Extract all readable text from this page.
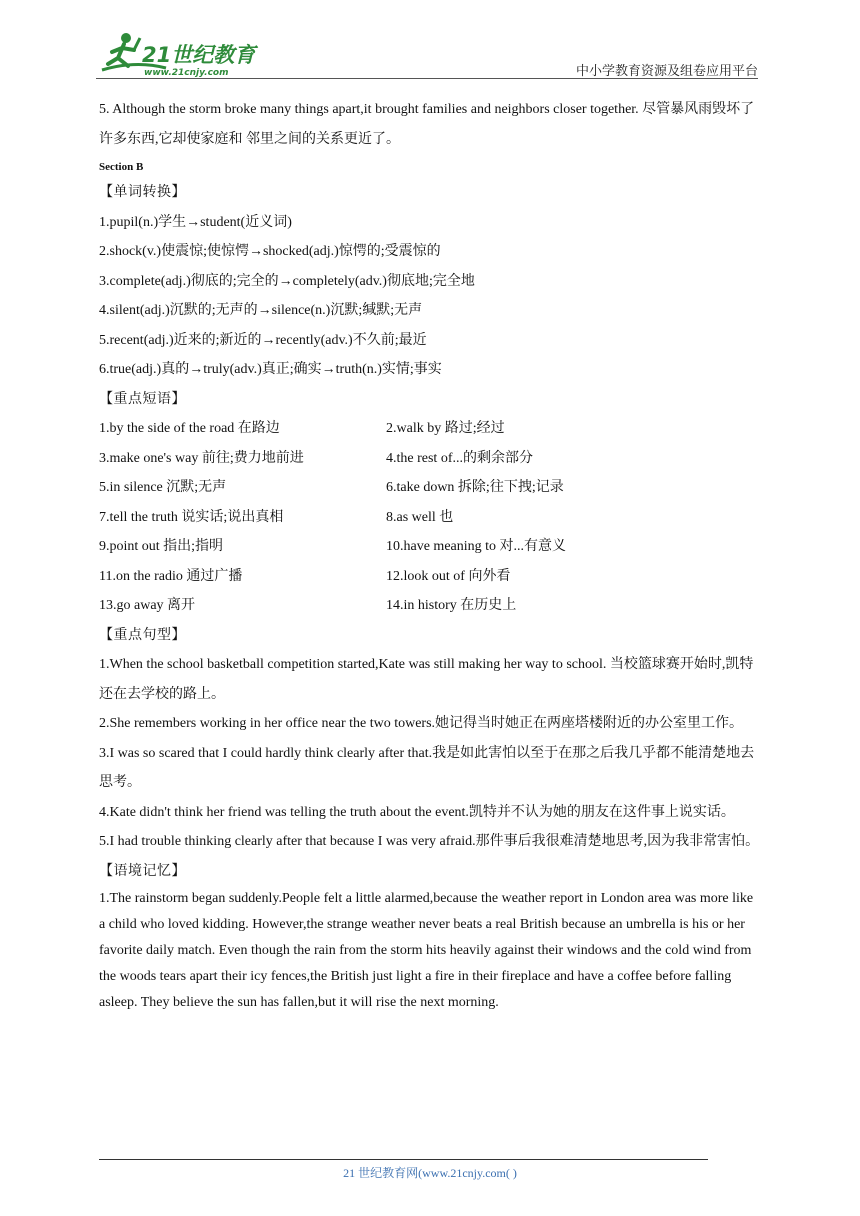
21世纪教育
www.21cnjy.com	中小学教育资源及组卷应用平台

5. Although the storm broke many things apart,it brought families and neighbors closer together. 尽管暴风雨毁坏了许多东西,它却使家庭和 邻里之间的关系更近了。

Section B

【单词转换】

1.pupil(n.)学生→student(近义词)

2.shock(v.)使震惊;使惊愕→shocked(adj.)惊愕的;受震惊的

3.complete(adj.)彻底的;完全的→completely(adv.)彻底地;完全地

4.silent(adj.)沉默的;无声的→silence(n.)沉默;缄默;无声

5.recent(adj.)近来的;新近的→recently(adv.)不久前;最近

6.true(adj.)真的→truly(adv.)真正;确实→truth(n.)实情;事实

【重点短语】

1.by the side of the road 在路边	2.walk by 路过;经过

3.make one's way 前往;费力地前进	4.the rest of...的剩余部分

5.in silence 沉默;无声	6.take down 拆除;往下拽;记录

7.tell the truth 说实话;说出真相	8.as well 也

9.point out 指出;指明	10.have meaning to 对...有意义

11.on the radio 通过广播	12.look out of 向外看

13.go away 离开	14.in history 在历史上

【重点句型】

1.When the school basketball competition started,Kate was still making her way to school. 当校篮球赛开始时,凯特还在去学校的路上。

2.She remembers working in her office near the two towers.她记得当时她正在两座塔楼附近的办公室里工作。

3.I was so scared that I could hardly think clearly after that.我是如此害怕以至于在那之后我几乎都不能清楚地去思考。

4.Kate didn't think her friend was telling the truth about the event.凯特并不认为她的朋友在这件事上说实话。

5.I had trouble thinking clearly after that because I was very afraid.那件事后我很难清楚地思考,因为我非常害怕。

【语境记忆】

1.The rainstorm began suddenly.People felt a little alarmed,because the weather report in London area was more like a child who loved kidding. However,the strange weather never beats a real British because an umbrella is his or her favorite daily match. Even though the rain from the storm hits heavily against their windows and the cold wind from the woods tears apart their icy fences,the British just light a fire in their fireplace and have a coffee before falling asleep. They believe the sun has fallen,but it will rise the next morning.

21 世纪教育网(www.21cnjy.com( )
